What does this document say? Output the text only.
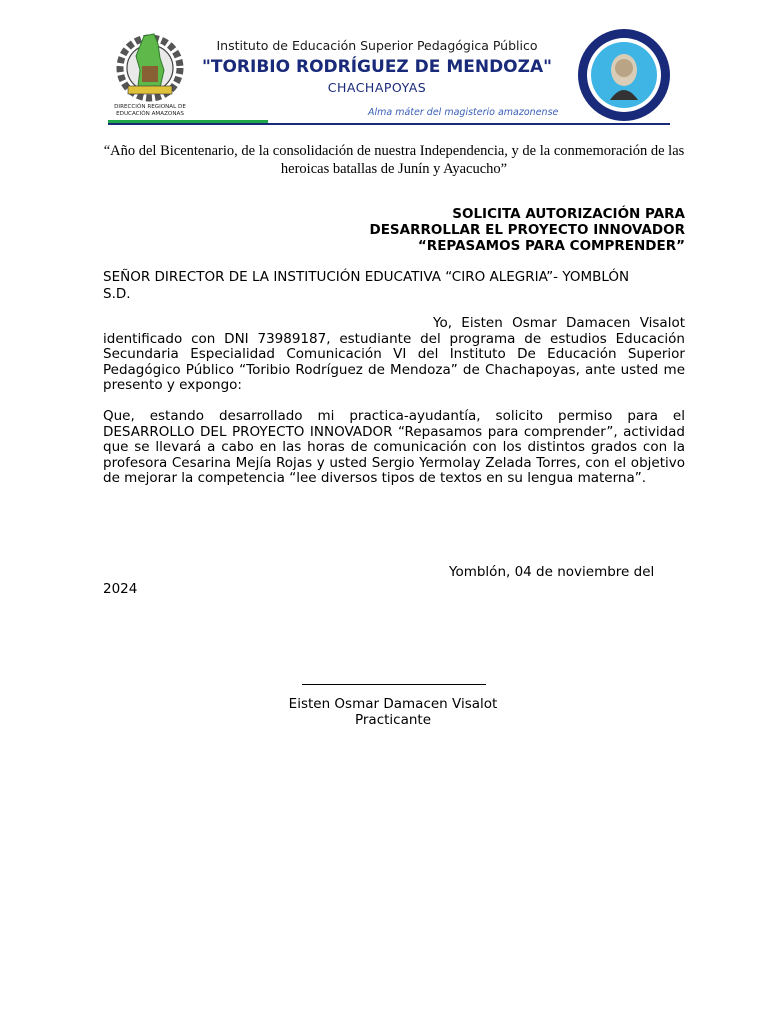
DIRECCIÓN REGIONAL DE EDUCACIÓN AMAZONAS
Instituto de Educación Superior Pedagógica Público
"TORIBIO RODRÍGUEZ DE MENDOZA"
CHACHAPOYAS
Alma máter del magisterio amazonense
“Año del Bicentenario, de la consolidación de nuestra Independencia, y de la conmemoración de las heroicas batallas de Junín y Ayacucho”
SOLICITA AUTORIZACIÓN PARA
DESARROLLAR EL PROYECTO INNOVADOR
“REPASAMOS PARA COMPRENDER”
SEÑOR DIRECTOR DE LA INSTITUCIÓN EDUCATIVA “CIRO ALEGRIA”- YOMBLÓN
S.D.
Yo, Eisten Osmar Damacen Visalot identificado con DNI 73989187, estudiante del programa de estudios Educación Secundaria Especialidad Comunicación VI del Instituto De Educación Superior Pedagógico Público “Toribio Rodríguez de Mendoza” de Chachapoyas, ante usted me presento y expongo:
Que, estando desarrollado mi practica-ayudantía, solicito permiso para el DESARROLLO DEL PROYECTO INNOVADOR “Repasamos para comprender”, actividad que se llevará a cabo en las horas de comunicación con los distintos grados con la profesora Cesarina Mejía Rojas y usted Sergio Yermolay Zelada Torres, con el objetivo de mejorar la competencia “lee diversos tipos de textos en su lengua materna”.
Yomblón, 04 de noviembre del 2024
Eisten Osmar Damacen Visalot
Practicante
